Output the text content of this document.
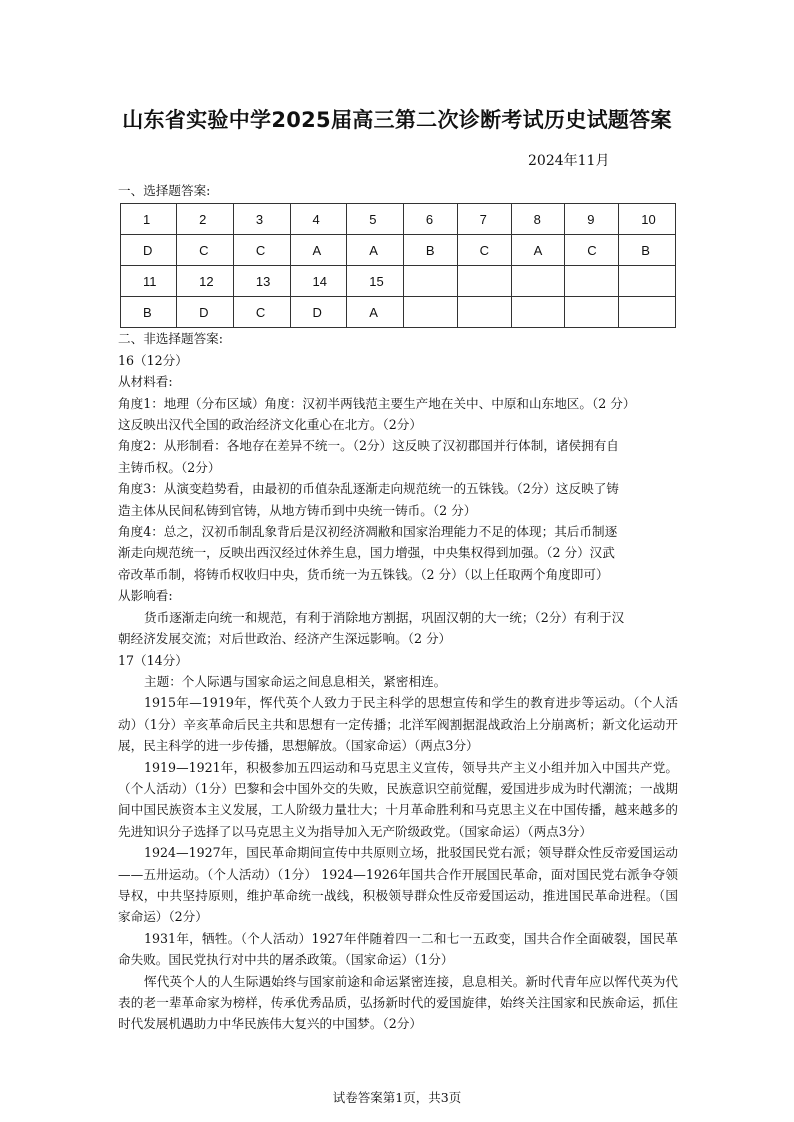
山东省实验中学2025届高三第二次诊断考试历史试题答案
2024年11月
一、选择题答案:
1	2	3	4	5	6	7	8	9	10
D	C	C	A	A	B	C	A	C	B
11	12	13	14	15					
B	D	C	D	A					
二、非选择题答案:
16（12分）
从材料看:
角度1：地理（分布区域）角度：汉初半两钱范主要生产地在关中、中原和山东地区。（2 分）
这反映出汉代全国的政治经济文化重心在北方。（2分）
角度2：从形制看：各地存在差异不统一。（2分）这反映了汉初郡国并行体制，诸侯拥有自
主铸币权。（2分）
角度3：从演变趋势看，由最初的币值杂乱逐渐走向规范统一的五铢钱。（2分）这反映了铸
造主体从民间私铸到官铸，从地方铸币到中央统一铸币。（2 分）
角度4：总之，汉初币制乱象背后是汉初经济凋敝和国家治理能力不足的体现；其后币制逐
渐走向规范统一，反映出西汉经过休养生息，国力增强，中央集权得到加强。（2 分）汉武
帝改革币制，将铸币权收归中央，货币统一为五铢钱。（2 分）（以上任取两个角度即可）
从影响看:
货币逐渐走向统一和规范，有利于消除地方割据，巩固汉朝的大一统；（2分）有利于汉
朝经济发展交流；对后世政治、经济产生深远影响。（2 分）
17（14分）
主题：个人际遇与国家命运之间息息相关，紧密相连。

1915年—1919年，恽代英个人致力于民主科学的思想宣传和学生的教育进步等运动。（个人活动）（1分）辛亥革命后民主共和思想有一定传播；北洋军阀割据混战政治上分崩离析；新文化运动开展，民主科学的进一步传播，思想解放。（国家命运）（两点3分）

1919—1921年，积极参加五四运动和马克思主义宣传，领导共产主义小组并加入中国共产党。（个人活动）（1分）巴黎和会中国外交的失败，民族意识空前觉醒，爱国进步成为时代潮流；一战期间中国民族资本主义发展，工人阶级力量壮大；十月革命胜利和马克思主义在中国传播，越来越多的先进知识分子选择了以马克思主义为指导加入无产阶级政党。（国家命运）（两点3分）

1924—1927年，国民革命期间宣传中共原则立场，批驳国民党右派；领导群众性反帝爱国运动——五卅运动。（个人活动）（1分） 1924—1926年国共合作开展国民革命，面对国民党右派争夺领导权，中共坚持原则，维护革命统一战线，积极领导群众性反帝爱国运动，推进国民革命进程。（国家命运）（2分）

1931年，牺牲。（个人活动）1927年伴随着四一二和七一五政变，国共合作全面破裂，国民革命失败。国民党执行对中共的屠杀政策。（国家命运）（1分）

恽代英个人的人生际遇始终与国家前途和命运紧密连接，息息相关。新时代青年应以恽代英为代表的老一辈革命家为榜样，传承优秀品质，弘扬新时代的爱国旋律，始终关注国家和民族命运，抓住时代发展机遇助力中华民族伟大复兴的中国梦。（2分）

试卷答案第1页，共3页
